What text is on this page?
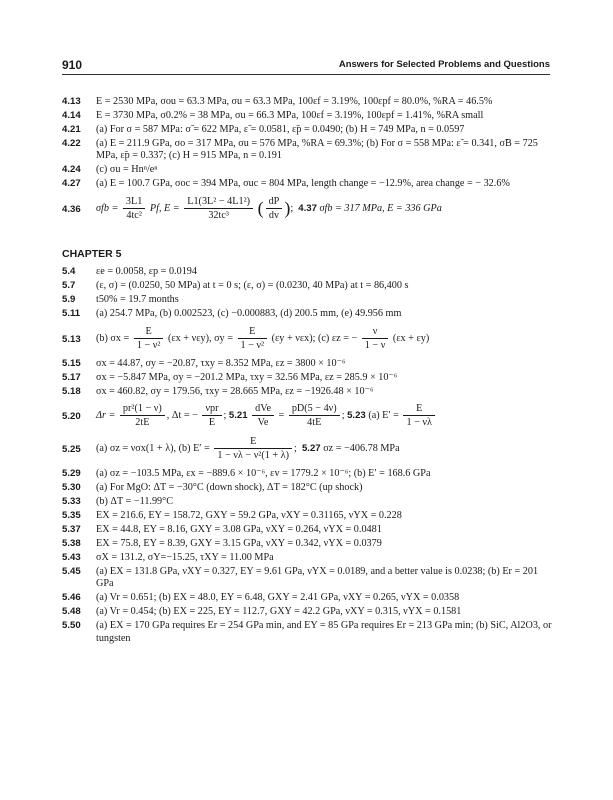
910	Answers for Selected Problems and Questions
4.13 E = 2530 MPa, σou = 63.3 MPa, σu = 63.3 MPa, 100εf = 3.19%, 100εpf = 80.0%, %RA = 46.5%
4.14 E = 3730 MPa, σ0.2% = 38 MPa, σu = 66.3 MPa, 100εf = 3.19%, 100εpf = 1.41%, %RA small
4.21 (a) For σ = 587 MPa: σ̃ = 622 MPa, ε̃ = 0.0581, ε̃p = 0.0490; (b) H = 749 MPa, n = 0.0597
4.22 (a) E = 211.9 GPa, σo = 317 MPa, σu = 576 MPa, %RA = 69.3%; (b) For σ = 558 MPa: ε̃ = 0.341, σ̃B = 725 MPa, ε̃p = 0.337; (c) H = 915 MPa, n = 0.191
4.24 (c) σu = Hnⁿ/eⁿ
4.27 (a) E = 100.7 GPa, σoc = 394 MPa, σuc = 804 MPa, length change = −12.9%, area change = − 32.6%
4.36 $\sigma fb = \frac{3L1}{\text{4tc²}} Pf$, $E = \frac{\text{L1(3L² − 4L1²)}}{\text{32tc³}}$ ( $\frac{dP}{dv}$ );  4.37 σfb = 317 MPa, E = 336 GPa
CHAPTER 5
5.4 εe = 0.0058, εp = 0.0194
5.7 (ε, σ) = (0.0250, 50 MPa) at t = 0 s; (ε, σ) = (0.0230, 40 MPa) at t = 86,400 s
5.9 t50% = 19.7 months
5.11 (a) 254.7 MPa, (b) 0.002523, (c) −0.000883, (d) 200.5 mm, (e) 49.956 mm
5.13 (b) $\sigma x = \frac{E}{\text{1 − ν²}} (\varepsilon x + \nu\varepsilon y)$, $\sigma y = \frac{E}{\text{1 − ν²}} (\varepsilon y + \nu\varepsilon x)$; (c) εz = − $\frac{\nu}{1 - \nu} (\varepsilon x + \varepsilon y)$
5.15 σx = 44.87, σy = −20.87, τxy = 8.352 MPa, εz = 3800 × 10⁻⁶
5.17 σx = −5.847 MPa, σy = −201.2 MPa, τxy = 32.56 MPa, εz = 285.9 × 10⁻⁶
5.18 σx = 460.82, σy = 179.56, τxy = 28.665 MPa, εz = −1926.48 × 10⁻⁶
5.20 $\Delta r = \frac{\text{pr²(1 − ν)}}{2tE}$ , Δt = − $\frac{\text{νpr}}{E}$ ; $5.21 \frac{\text{dVe}}{Ve} = \frac{pD(5 - 4\nu)}{4tE}$ ; 5.23 (a) $E' = \frac{E}{1 - \nu\lambda}$
5.25 (a) σz = νσx(1 + λ), (b) $E' = \frac{E}{\text{1 − νλ − ν²(1 + λ)}}$ ;  5.27 σz = −406.78 MPa
5.29 (a) σz = −103.5 MPa, εx = −889.6 × 10⁻⁶, εv = 1779.2 × 10⁻⁶; (b) E′ = 168.6 GPa
5.30 (a) For MgO: ΔT = −30°C (down shock), ΔT = 182°C (up shock)
5.33 (b) ΔT = −11.99°C
5.35 EX = 216.6, EY = 158.72, GXY = 59.2 GPa, νXY = 0.31165, νYX = 0.228
5.37 EX = 44.8, EY = 8.16, GXY = 3.08 GPa, νXY = 0.264, νYX = 0.0481
5.38 EX = 75.8, EY = 8.39, GXY = 3.15 GPa, νXY = 0.342, νYX = 0.0379
5.43 σX = 131.2, σY=−15.25, τXY = 11.00 MPa
5.45 (a) EX = 131.8 GPa, νXY = 0.327, EY = 9.61 GPa, νYX = 0.0189, and a better value is 0.0238; (b) Er = 201 GPa
5.46 (a) Vr = 0.651; (b) EX = 48.0, EY = 6.48, GXY = 2.41 GPa, νXY = 0.265, νYX = 0.0358
5.48 (a) Vr = 0.454; (b) EX = 225, EY = 112.7, GXY = 42.2 GPa, νXY = 0.315, νYX = 0.1581
5.50 (a) EX = 170 GPa requires Er = 254 GPa min, and EY = 85 GPa requires Er = 213 GPa min; (b) SiC, Al2O3, or tungsten
